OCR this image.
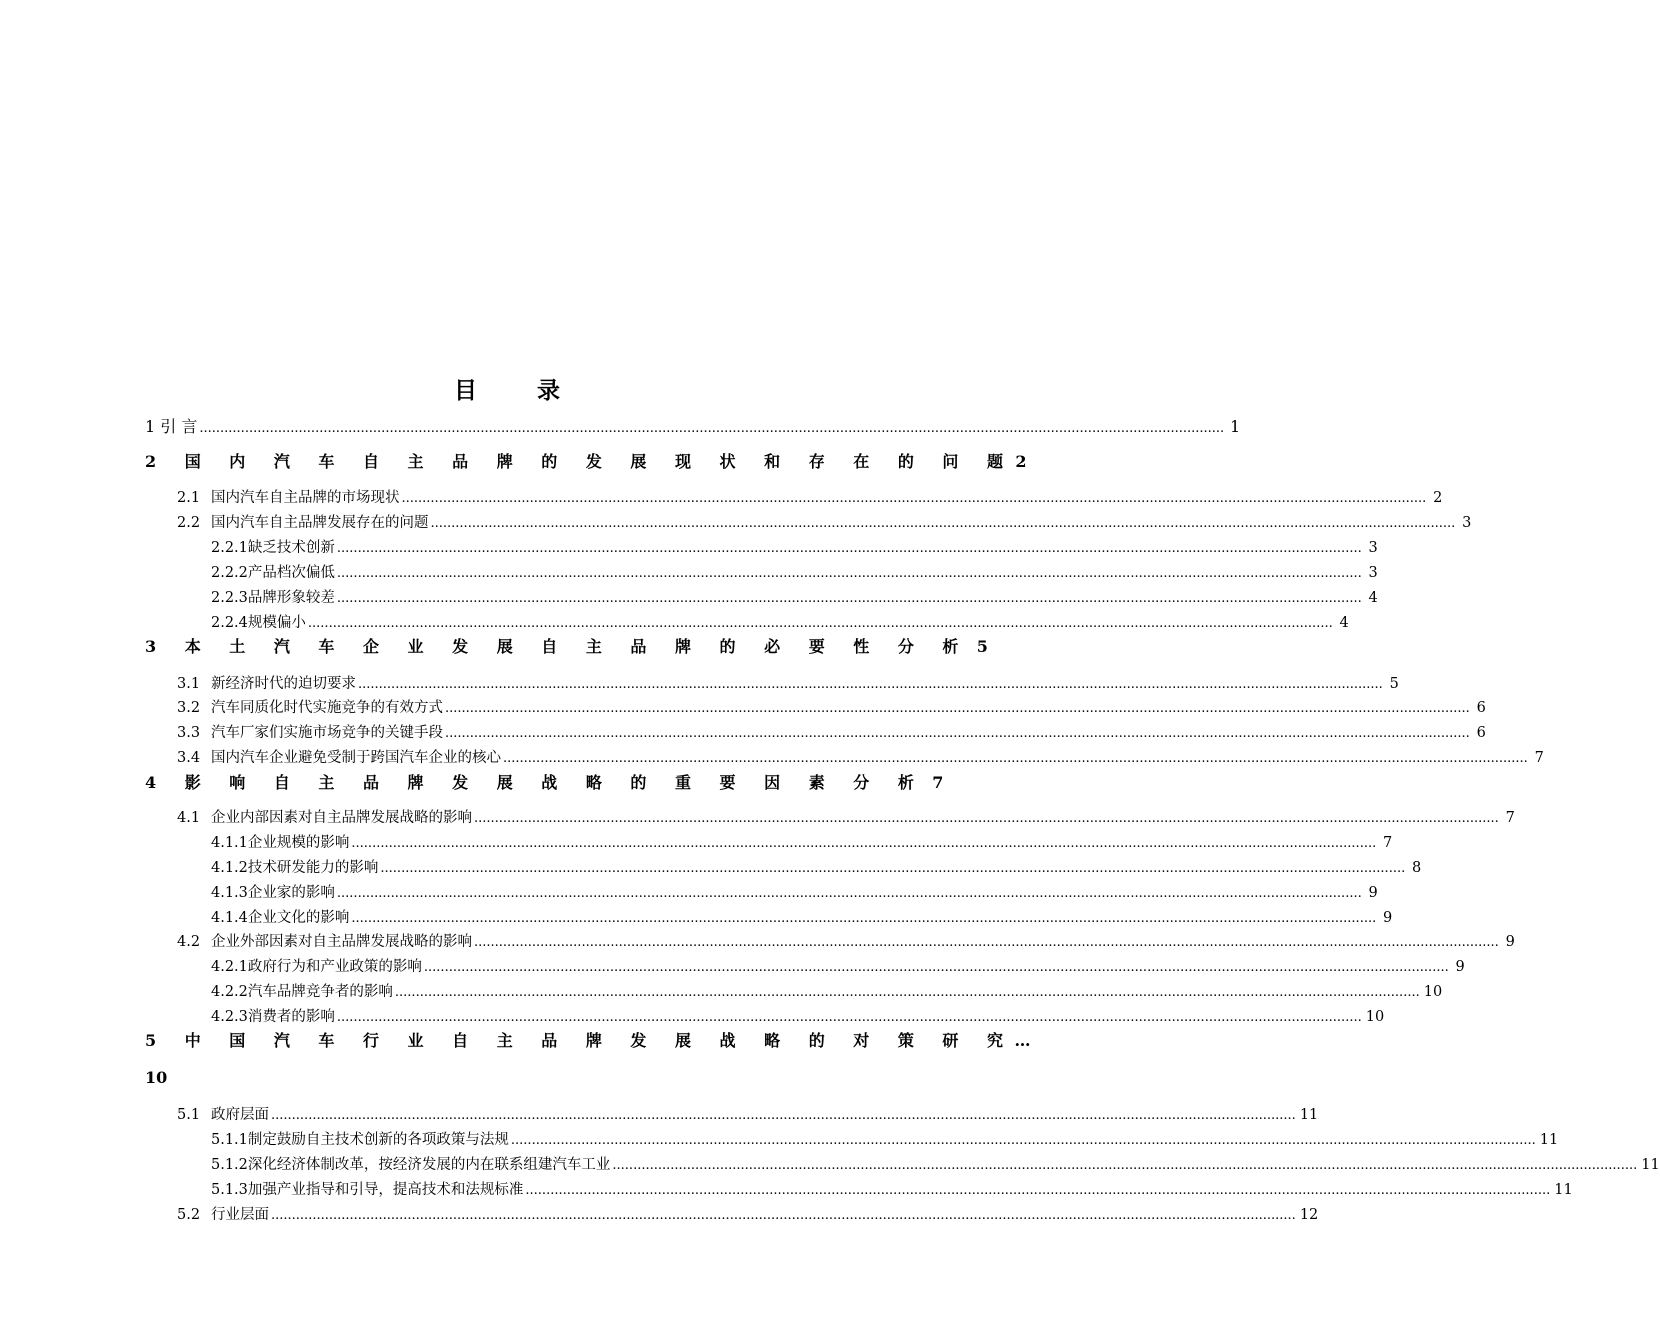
目 录
1 引 言 .....	1
2 国 内 汽 车 自 主 品 牌 的 发 展 现 状 和 存 在 的 问 题 2
2.1 国内汽车自主品牌的市场现状 .....	2
2.2 国内汽车自主品牌发展存在的问题 .....	3
2.2.1缺乏技术创新 .....	3
2.2.2产品档次偏低 .....	3
2.2.3品牌形象较差 .....	4
2.2.4规模偏小 .....	4
3 本 土 汽 车 企 业 发 展 自 主 品 牌 的 必 要 性 分 析 5
3.1 新经济时代的迫切要求 .....	5
3.2 汽车同质化时代实施竞争的有效方式 .....	6
3.3 汽车厂家们实施市场竞争的关键手段 .....	6
3.4 国内汽车企业避免受制于跨国汽车企业的核心 .....	7
4 影 响 自 主 品 牌 发 展 战 略 的 重 要 因 素 分 析 7
4.1 企业内部因素对自主品牌发展战略的影响 .....	7
4.1.1企业规模的影响 .....	7
4.1.2技术研发能力的影响 .....	8
4.1.3企业家的影响 .....	9
4.1.4企业文化的影响 .....	9
4.2 企业外部因素对自主品牌发展战略的影响 .....	9
4.2.1政府行为和产业政策的影响 .....	9
4.2.2汽车品牌竞争者的影响 .....	10
4.2.3消费者的影响 .....	10
5 中 国 汽 车 行 业 自 主 品 牌 发 展 战 略 的 对 策 研 究 …
10
5.1 政府层面 .....	11
5.1.1制定鼓励自主技术创新的各项政策与法规 .....	11
5.1.2深化经济体制改革，按经济发展的内在联系组建汽车工业 .....	11
5.1.3加强产业指导和引导，提高技术和法规标准 .....	11
5.2 行业层面 .....	12
